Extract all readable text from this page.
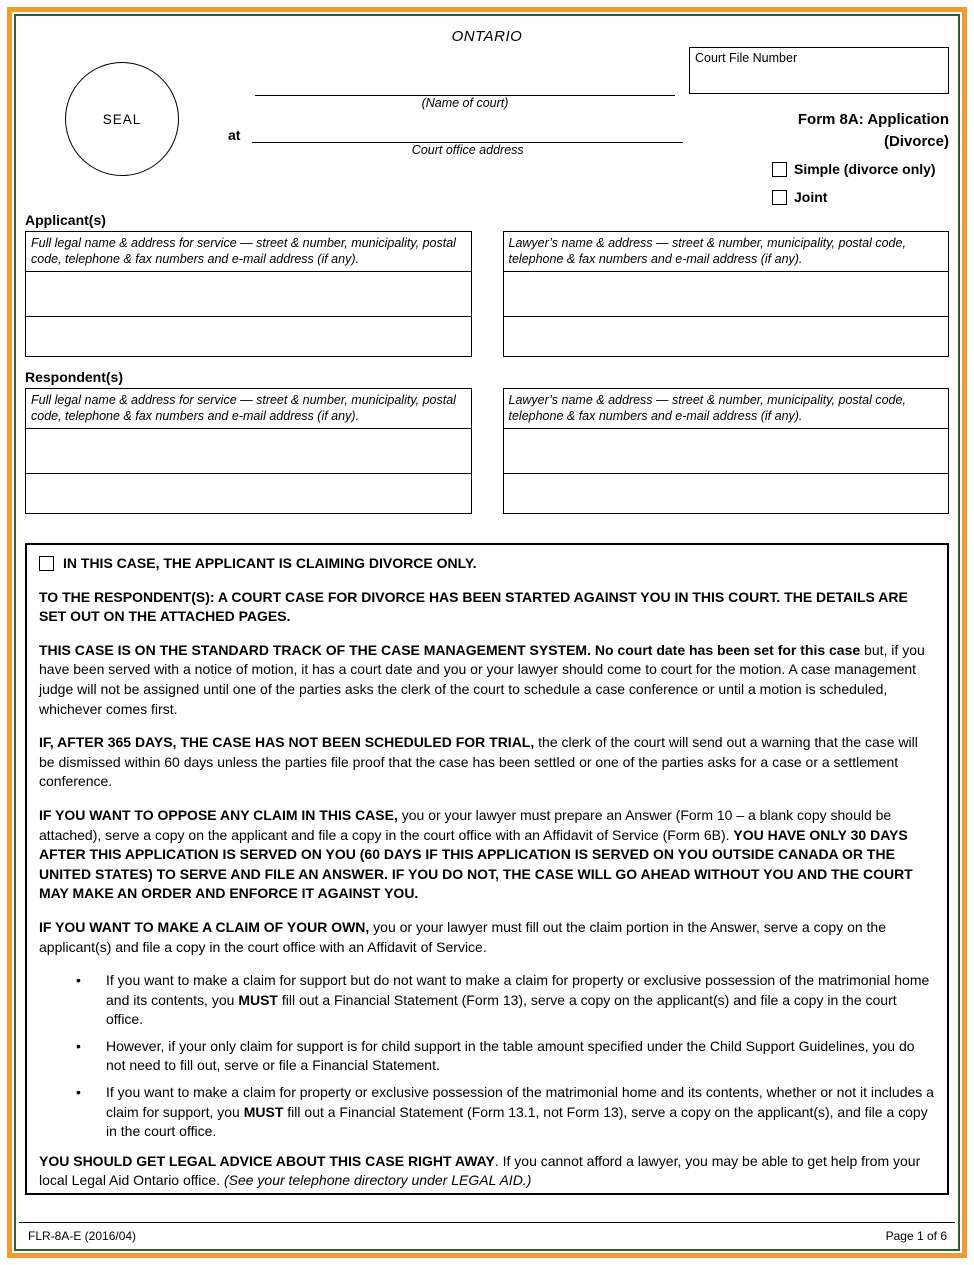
ONTARIO
SEAL
Court File Number
(Name of court)
at
Court office address
Form 8A: Application
(Divorce)
Simple (divorce only)
Joint
Applicant(s)
Full legal name & address for service — street & number, municipality, postal code, telephone & fax numbers and e-mail address (if any).
Lawyer’s name & address — street & number, municipality, postal code, telephone & fax numbers and e-mail address (if any).
Respondent(s)
Full legal name & address for service — street & number, municipality, postal code, telephone & fax numbers and e-mail address (if any).
Lawyer’s name & address — street & number, municipality, postal code, telephone & fax numbers and e-mail address (if any).
IN THIS CASE, THE APPLICANT IS CLAIMING DIVORCE ONLY.

TO THE RESPONDENT(S): A COURT CASE FOR DIVORCE HAS BEEN STARTED AGAINST YOU IN THIS COURT. THE DETAILS ARE SET OUT ON THE ATTACHED PAGES.

THIS CASE IS ON THE STANDARD TRACK OF THE CASE MANAGEMENT SYSTEM. No court date has been set for this case but, if you have been served with a notice of motion, it has a court date and you or your lawyer should come to court for the motion. A case management judge will not be assigned until one of the parties asks the clerk of the court to schedule a case conference or until a motion is scheduled, whichever comes first.

IF, AFTER 365 DAYS, THE CASE HAS NOT BEEN SCHEDULED FOR TRIAL, the clerk of the court will send out a warning that the case will be dismissed within 60 days unless the parties file proof that the case has been settled or one of the parties asks for a case or a settlement conference.

IF YOU WANT TO OPPOSE ANY CLAIM IN THIS CASE, you or your lawyer must prepare an Answer (Form 10 – a blank copy should be attached), serve a copy on the applicant and file a copy in the court office with an Affidavit of Service (Form 6B). YOU HAVE ONLY 30 DAYS AFTER THIS APPLICATION IS SERVED ON YOU (60 DAYS IF THIS APPLICATION IS SERVED ON YOU OUTSIDE CANADA OR THE UNITED STATES) TO SERVE AND FILE AN ANSWER. IF YOU DO NOT, THE CASE WILL GO AHEAD WITHOUT YOU AND THE COURT MAY MAKE AN ORDER AND ENFORCE IT AGAINST YOU.

IF YOU WANT TO MAKE A CLAIM OF YOUR OWN, you or your lawyer must fill out the claim portion in the Answer, serve a copy on the applicant(s) and file a copy in the court office with an Affidavit of Service.

•	If you want to make a claim for support but do not want to make a claim for property or exclusive possession of the matrimonial home and its contents, you MUST fill out a Financial Statement (Form 13), serve a copy on the applicant(s) and file a copy in the court office.
•	However, if your only claim for support is for child support in the table amount specified under the Child Support Guidelines, you do not need to fill out, serve or file a Financial Statement.
•	If you want to make a claim for property or exclusive possession of the matrimonial home and its contents, whether or not it includes a claim for support, you MUST fill out a Financial Statement (Form 13.1, not Form 13), serve a copy on the applicant(s), and file a copy in the court office.

YOU SHOULD GET LEGAL ADVICE ABOUT THIS CASE RIGHT AWAY. If you cannot afford a lawyer, you may be able to get help from your local Legal Aid Ontario office. (See your telephone directory under LEGAL AID.)

FLR-8A-E (2016/04)	Page 1 of 6
